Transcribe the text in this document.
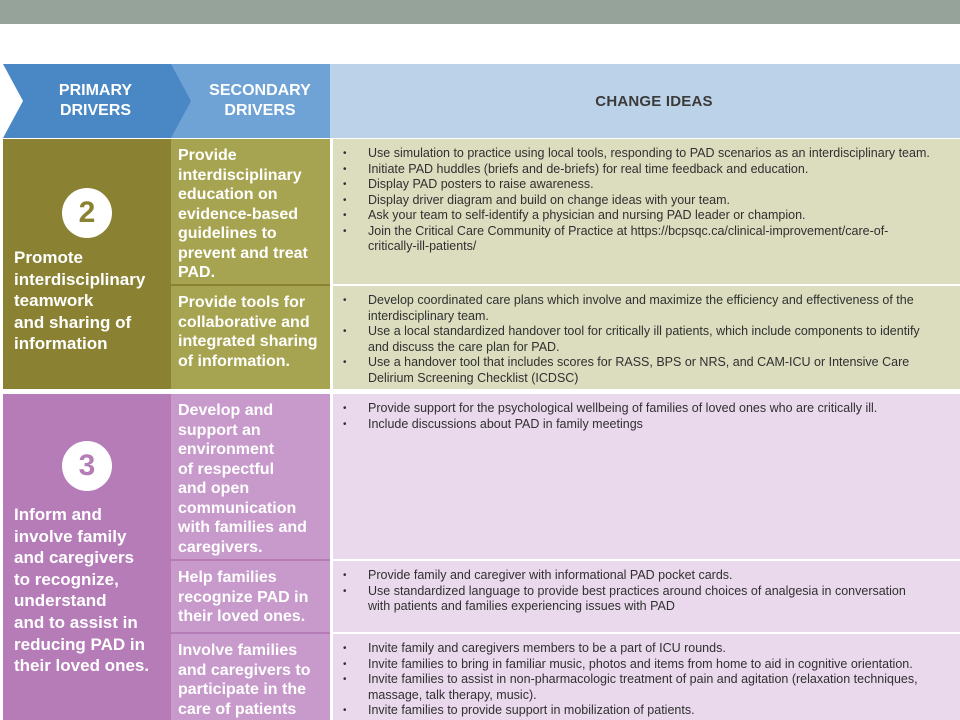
PRIMARY
DRIVERS
SECONDARY
DRIVERS
CHANGE IDEAS
2
Promote
interdisciplinary
teamwork
and sharing of
information
Provide
interdisciplinary
education on
evidence-based
guidelines to
prevent and treat
PAD.
• Use simulation to practice using local tools, responding to PAD scenarios as an interdisciplinary team.
• Initiate PAD huddles (briefs and de-briefs) for real time feedback and education.
• Display PAD posters to raise awareness.
• Display driver diagram and build on change ideas with your team.
• Ask your team to self-identify a physician and nursing PAD leader or champion.
• Join the Critical Care Community of Practice at https://bcpsqc.ca/clinical-improvement/care-of-
critically-ill-patients/
Provide tools for
collaborative and
integrated sharing
of information.
• Develop coordinated care plans which involve and maximize the efficiency and effectiveness of the
interdisciplinary team.
• Use a local standardized handover tool for critically ill patients, which include components to identify
and discuss the care plan for PAD.
• Use a handover tool that includes scores for RASS, BPS or NRS, and CAM-ICU or Intensive Care
Delirium Screening Checklist (ICDSC)
3
Inform and
involve family
and caregivers
to recognize,
understand
and to assist in
reducing PAD in
their loved ones.
Develop and
support an
environment
of respectful
and open
communication
with families and
caregivers.
• Provide support for the psychological wellbeing of families of loved ones who are critically ill.
• Include discussions about PAD in family meetings
Help families
recognize PAD in
their loved ones.
• Provide family and caregiver with informational PAD pocket cards.
• Use standardized language to provide best practices around choices of analgesia in conversation
with patients and families experiencing issues with PAD
Involve families
and caregivers to
participate in the
care of patients
• Invite family and caregivers members to be a part of ICU rounds.
• Invite families to bring in familiar music, photos and items from home to aid in cognitive orientation.
• Invite families to assist in non-pharmacologic treatment of pain and agitation (relaxation techniques,
massage, talk therapy, music).
• Invite families to provide support in mobilization of patients.
